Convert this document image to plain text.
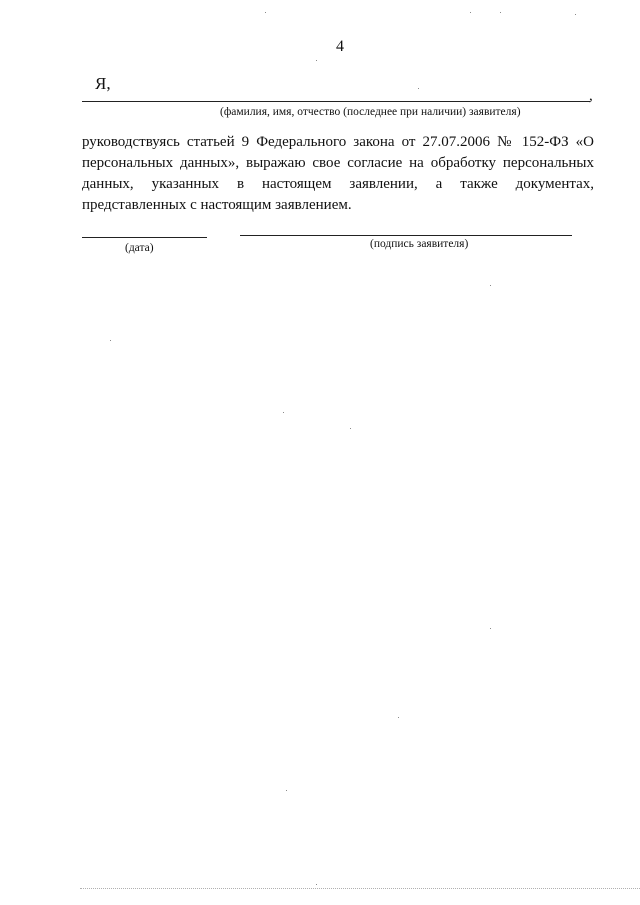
4
Я,
,
(фамилия, имя, отчество (последнее при наличии) заявителя)

руководствуясь статьей 9 Федерального закона от 27.07.2006 № 152-ФЗ «О персональных данных», выражаю свое согласие на обработку персональных данных, указанных в настоящем заявлении, а также документах, представленных с настоящим заявлением.

(дата)	(подпись заявителя)
